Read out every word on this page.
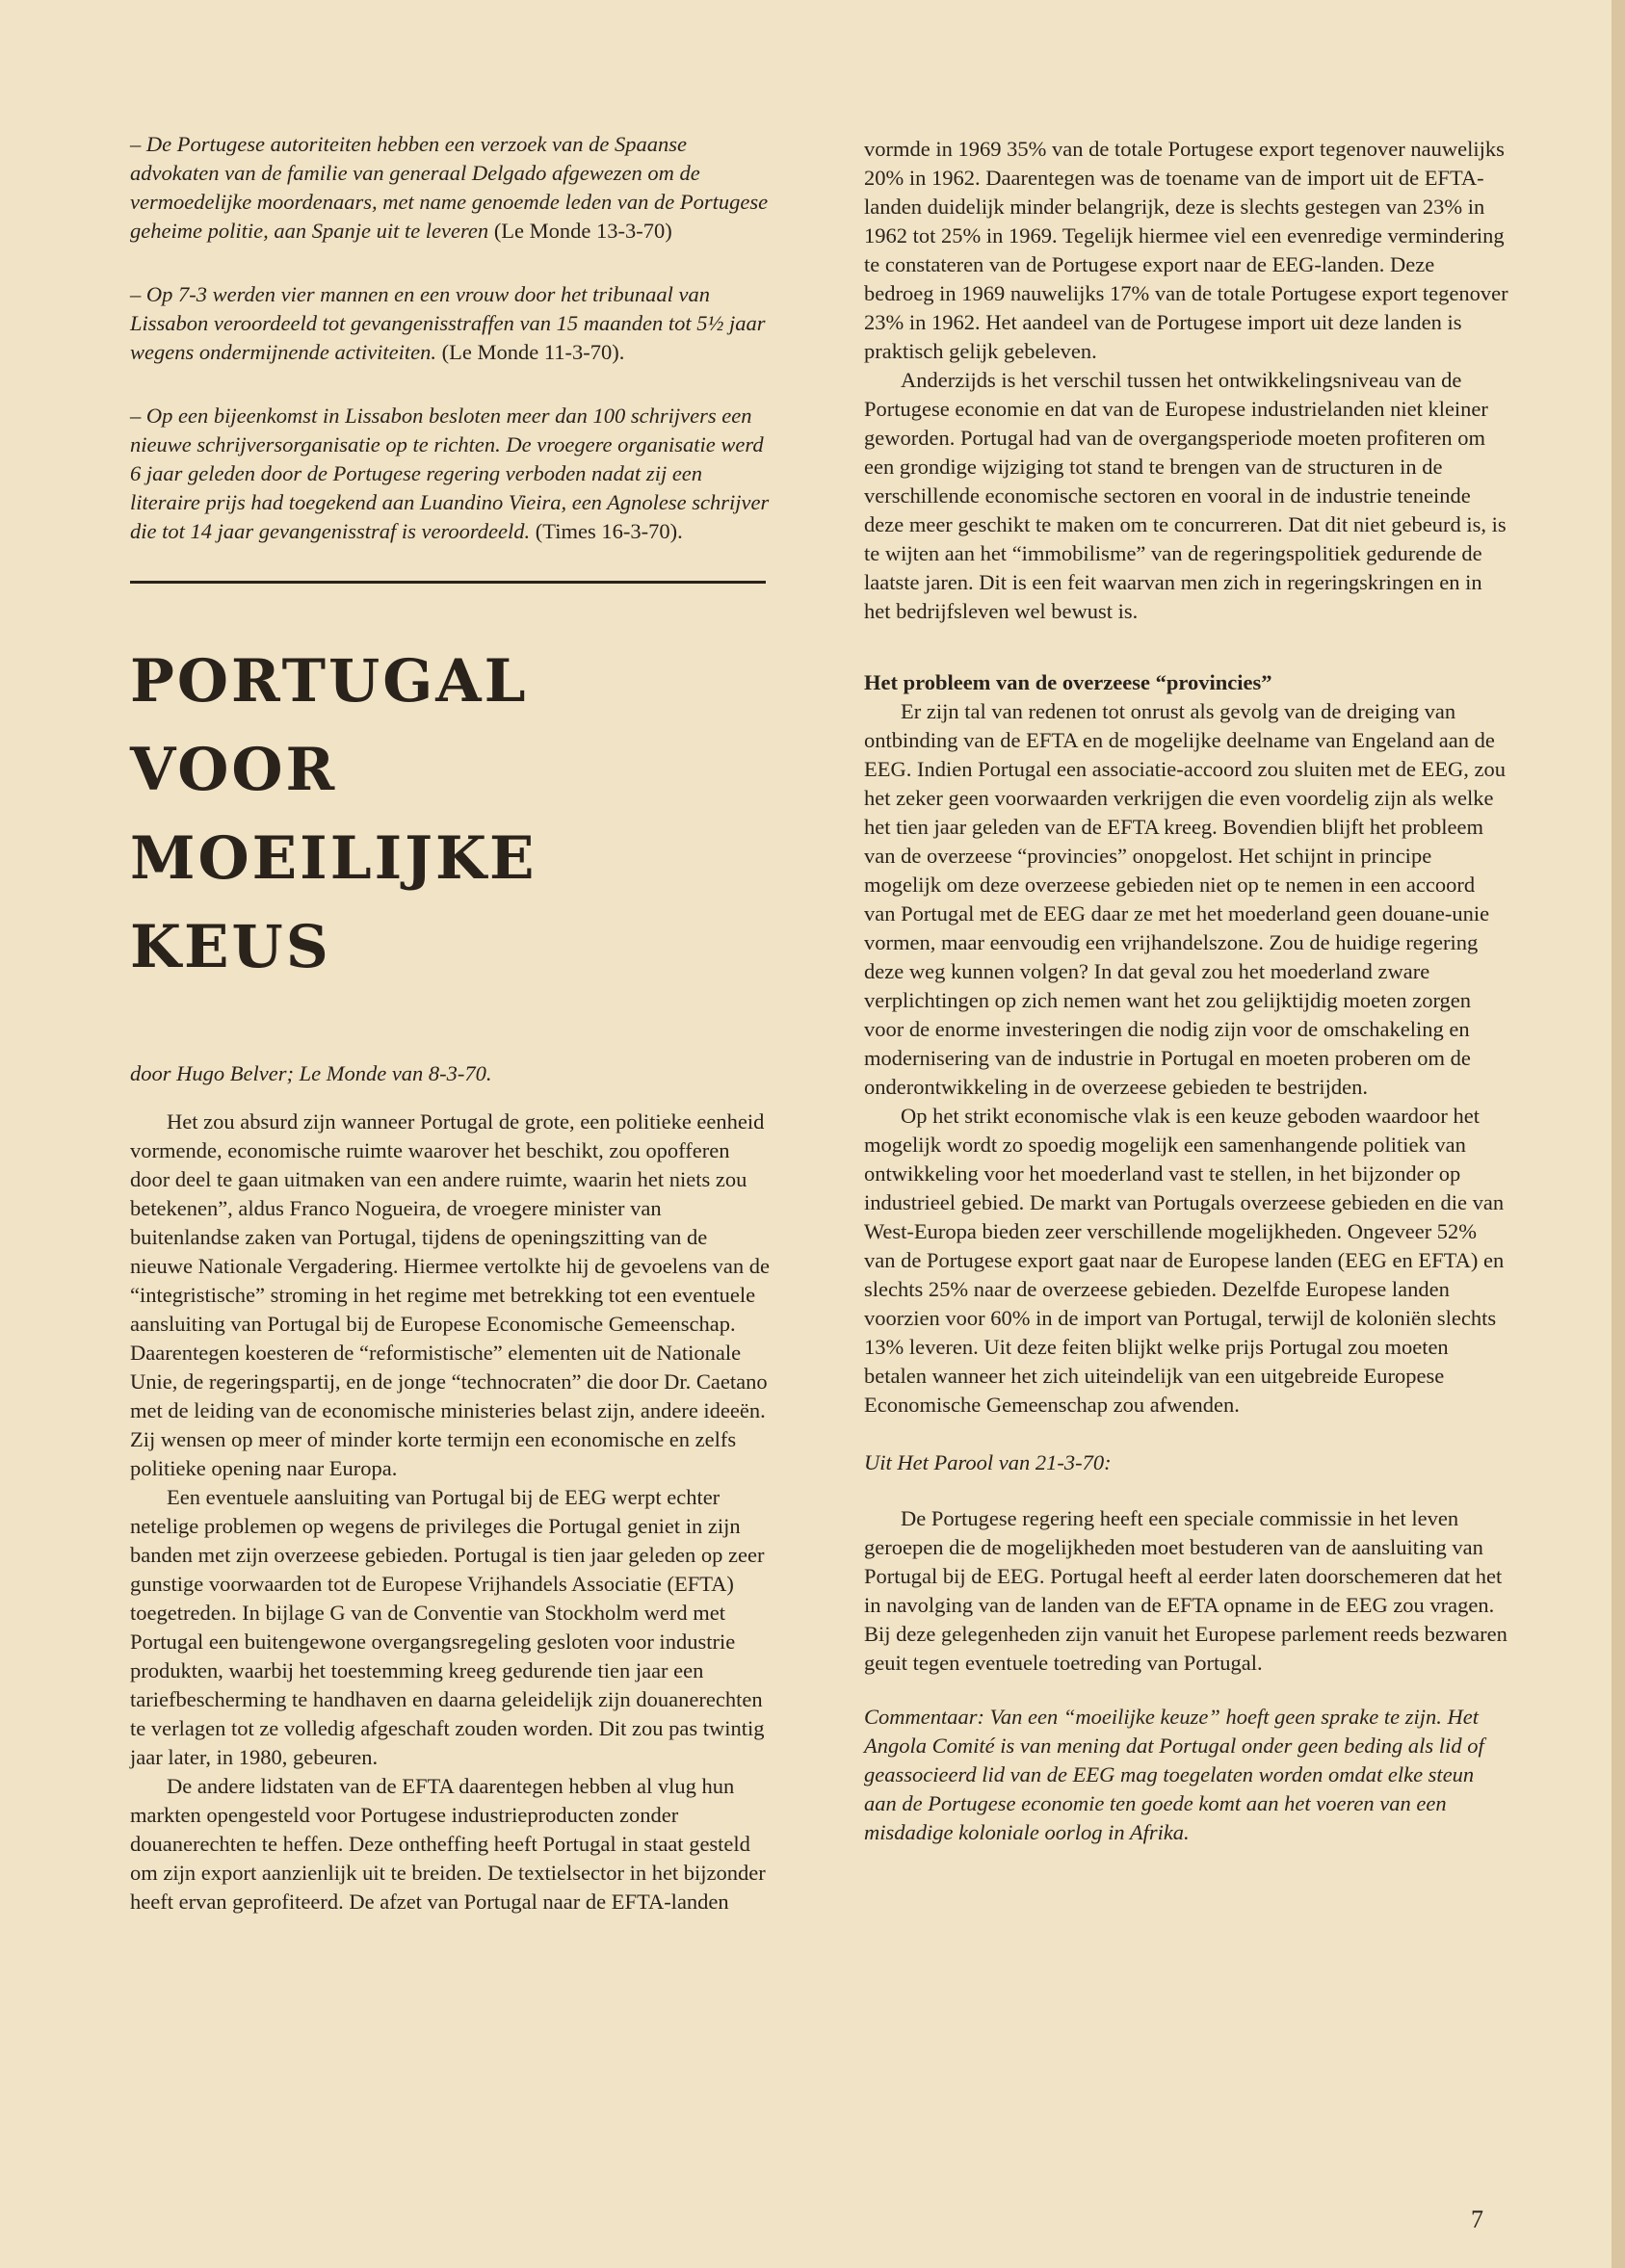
– De Portugese autoriteiten hebben een verzoek van de Spaanse advokaten van de familie van generaal Delgado afgewezen om de vermoedelijke moordenaars, met name genoemde leden van de Portugese geheime politie, aan Spanje uit te leveren (Le Monde 13-3-70)

– Op 7-3 werden vier mannen en een vrouw door het tribunaal van Lissabon veroordeeld tot gevangenisstraffen van 15 maanden tot 5½ jaar wegens ondermijnende activiteiten. (Le Monde 11-3-70).

– Op een bijeenkomst in Lissabon besloten meer dan 100 schrijvers een nieuwe schrijversorganisatie op te richten. De vroegere organisatie werd 6 jaar geleden door de Portugese regering verboden nadat zij een literaire prijs had toegekend aan Luandino Vieira, een Agnolese schrijver die tot 14 jaar gevangenisstraf is veroordeeld. (Times 16-3-70).

PORTUGAL
VOOR
MOEILIJKE
KEUS
door Hugo Belver; Le Monde van 8-3-70.

Het zou absurd zijn wanneer Portugal de grote, een politieke eenheid vormende, economische ruimte waarover het beschikt, zou opofferen door deel te gaan uitmaken van een andere ruimte, waarin het niets zou betekenen”, aldus Franco Nogueira, de vroegere minister van buitenlandse zaken van Portugal, tijdens de openingszitting van de nieuwe Nationale Vergadering. Hiermee vertolkte hij de gevoelens van de “integristische” stroming in het regime met betrekking tot een eventuele aansluiting van Portugal bij de Europese Economische Gemeenschap. Daarentegen koesteren de “reformistische” elementen uit de Nationale Unie, de regeringspartij, en de jonge “technocraten” die door Dr. Caetano met de leiding van de economische ministeries belast zijn, andere ideeën. Zij wensen op meer of minder korte termijn een economische en zelfs politieke opening naar Europa.

Een eventuele aansluiting van Portugal bij de EEG werpt echter netelige problemen op wegens de privileges die Portugal geniet in zijn banden met zijn overzeese gebieden. Portugal is tien jaar geleden op zeer gunstige voorwaarden tot de Europese Vrijhandels Associatie (EFTA) toegetreden. In bijlage G van de Conventie van Stockholm werd met Portugal een buitengewone overgangsregeling gesloten voor industrie produkten, waarbij het toestemming kreeg gedurende tien jaar een tariefbescherming te handhaven en daarna geleidelijk zijn douanerechten te verlagen tot ze volledig afgeschaft zouden worden. Dit zou pas twintig jaar later, in 1980, gebeuren.

De andere lidstaten van de EFTA daarentegen hebben al vlug hun markten opengesteld voor Portugese industrieproducten zonder douanerechten te heffen. Deze ontheffing heeft Portugal in staat gesteld om zijn export aanzienlijk uit te breiden. De textielsector in het bijzonder heeft ervan geprofiteerd. De afzet van Portugal naar de EFTA-landen

vormde in 1969 35% van de totale Portugese export tegenover nauwelijks 20% in 1962. Daarentegen was de toename van de import uit de EFTA-landen duidelijk minder belangrijk, deze is slechts gestegen van 23% in 1962 tot 25% in 1969. Tegelijk hiermee viel een evenredige vermindering te constateren van de Portugese export naar de EEG-landen. Deze bedroeg in 1969 nauwelijks 17% van de totale Portugese export tegenover 23% in 1962. Het aandeel van de Portugese import uit deze landen is praktisch gelijk gebeleven.

Anderzijds is het verschil tussen het ontwikkelingsniveau van de Portugese economie en dat van de Europese industrielanden niet kleiner geworden. Portugal had van de overgangsperiode moeten profiteren om een grondige wijziging tot stand te brengen van de structuren in de verschillende economische sectoren en vooral in de industrie teneinde deze meer geschikt te maken om te concurreren. Dat dit niet gebeurd is, is te wijten aan het “immobilisme” van de regeringspolitiek gedurende de laatste jaren. Dit is een feit waarvan men zich in regeringskringen en in het bedrijfsleven wel bewust is.

Het probleem van de overzeese “provincies”

Er zijn tal van redenen tot onrust als gevolg van de dreiging van ontbinding van de EFTA en de mogelijke deelname van Engeland aan de EEG. Indien Portugal een associatie-accoord zou sluiten met de EEG, zou het zeker geen voorwaarden verkrijgen die even voordelig zijn als welke het tien jaar geleden van de EFTA kreeg. Bovendien blijft het probleem van de overzeese “provincies” onopgelost. Het schijnt in principe mogelijk om deze overzeese gebieden niet op te nemen in een accoord van Portugal met de EEG daar ze met het moederland geen douane-unie vormen, maar eenvoudig een vrijhandelszone. Zou de huidige regering deze weg kunnen volgen? In dat geval zou het moederland zware verplichtingen op zich nemen want het zou gelijktijdig moeten zorgen voor de enorme investeringen die nodig zijn voor de omschakeling en modernisering van de industrie in Portugal en moeten proberen om de onderontwikkeling in de overzeese gebieden te bestrijden.

Op het strikt economische vlak is een keuze geboden waardoor het mogelijk wordt zo spoedig mogelijk een samenhangende politiek van ontwikkeling voor het moederland vast te stellen, in het bijzonder op industrieel gebied. De markt van Portugals overzeese gebieden en die van West-Europa bieden zeer verschillende mogelijkheden. Ongeveer 52% van de Portugese export gaat naar de Europese landen (EEG en EFTA) en slechts 25% naar de overzeese gebieden. Dezelfde Europese landen voorzien voor 60% in de import van Portugal, terwijl de koloniën slechts 13% leveren. Uit deze feiten blijkt welke prijs Portugal zou moeten betalen wanneer het zich uiteindelijk van een uitgebreide Europese Economische Gemeenschap zou afwenden.

Uit Het Parool van 21-3-70:

De Portugese regering heeft een speciale commissie in het leven geroepen die de mogelijkheden moet bestuderen van de aansluiting van Portugal bij de EEG. Portugal heeft al eerder laten doorschemeren dat het in navolging van de landen van de EFTA opname in de EEG zou vragen. Bij deze gelegenheden zijn vanuit het Europese parlement reeds bezwaren geuit tegen eventuele toetreding van Portugal.

Commentaar: Van een “moeilijke keuze” hoeft geen sprake te zijn. Het Angola Comité is van mening dat Portugal onder geen beding als lid of geassocieerd lid van de EEG mag toegelaten worden omdat elke steun aan de Portugese economie ten goede komt aan het voeren van een misdadige koloniale oorlog in Afrika.
7
